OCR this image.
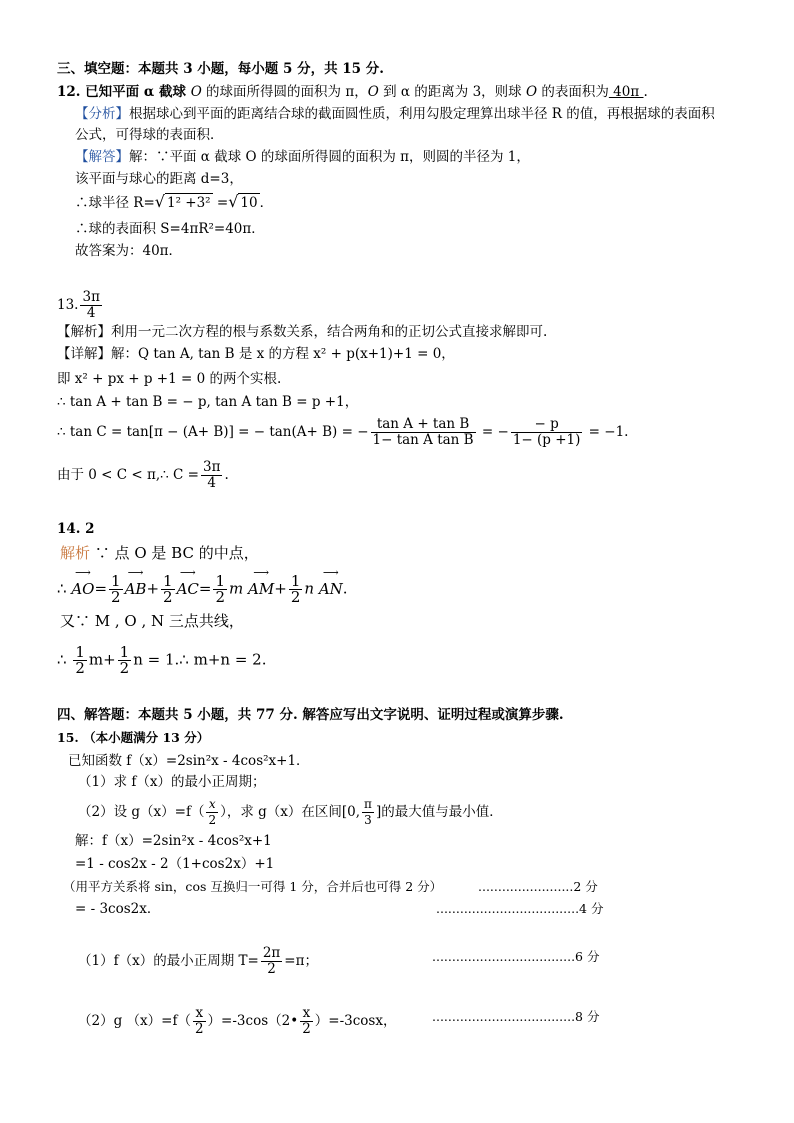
三、填空题：本题共 3 小题，每小题 5 分，共 15 分.
12. 已知平面 α 截球 O 的球面所得圆的面积为 π，O 到 α 的距离为 3，则球 O 的表面积为 40π .
【分析】根据球心到平面的距离结合球的截面圆性质，利用勾股定理算出球半径 R 的值，再根据球的表面积
公式，可得球的表面积．
【解答】解：∵平面 α 截球 O 的球面所得圆的面积为 π，则圆的半径为 1，
该平面与球心的距离 d=3，
∴球半径 R=√ 1² +3² =√ 10 ．
∴球的表面积 S=4πR²=40π．
故答案为：40π．
13. $\frac{3\pi}{4}$
【解析】利用一元二次方程的根与系数关系，结合两角和的正切公式直接求解即可.
【详解】解：Q tan A, tan B 是 x 的方程 x² + p(x+1)+1 = 0，
即 x² + px + p +1 = 0 的两个实根.
∴ tan A + tan B = − p, tan A tan B = p +1，
∴ tan C = tan[π − (A+ B)] = − tan(A+ B) = − $\frac{\text{tan A + tan B}}{\text{1− tan A tan B}}$ = − $\frac{- p}{1- (p +1)} = -1$.
由于 0 < C < π,∴ $C = \frac{3\pi}{4}$ .
14. 2
解析 ∵ 点 O 是 BC 的中点，
∴ ⟶ $AO= \frac{1}{2}$ ⟶ $AB+ \frac{1}{2}$ ⟶ $AC= \frac{1}{2}$ m ⟶ $AM+ \frac{1}{2}$ n ⟶ AN.
又∵ M , O , N 三点共线，
∴ $\frac{1}{2} m+ \frac{1}{2}$ n = 1.∴ m+n = 2.
四、解答题：本题共 5 小题，共 77 分. 解答应写出文字说明、证明过程或演算步骤.
15. （本小题满分 13 分）
已知函数 f（x）=2sin²x - 4cos²x+1．
（1）求 f（x）的最小正周期；
（2）设 $g(x)=f( \frac{x}{2}$ ），求 g（x）在区间[0, $\frac{\pi}{3}$ ]的最大值与最小值．
解：f（x）=2sin²x - 4cos²x+1
=1 - cos2x - 2（1+cos2x）+1
（用平方关系将 sin，cos 互换归一可得 1 分，合并后也可得 2 分）	........................2 分
= - 3cos2x．	....................................4 分
（1）f（x）的最小正周期 $T= \frac{2\pi}{2} =\pi$；	....................................6 分
（2）g $(x)=f( \frac{x}{2}$ ）=-3cos（2• $\frac{x}{2} )=-3\cos x$，	....................................8 分
